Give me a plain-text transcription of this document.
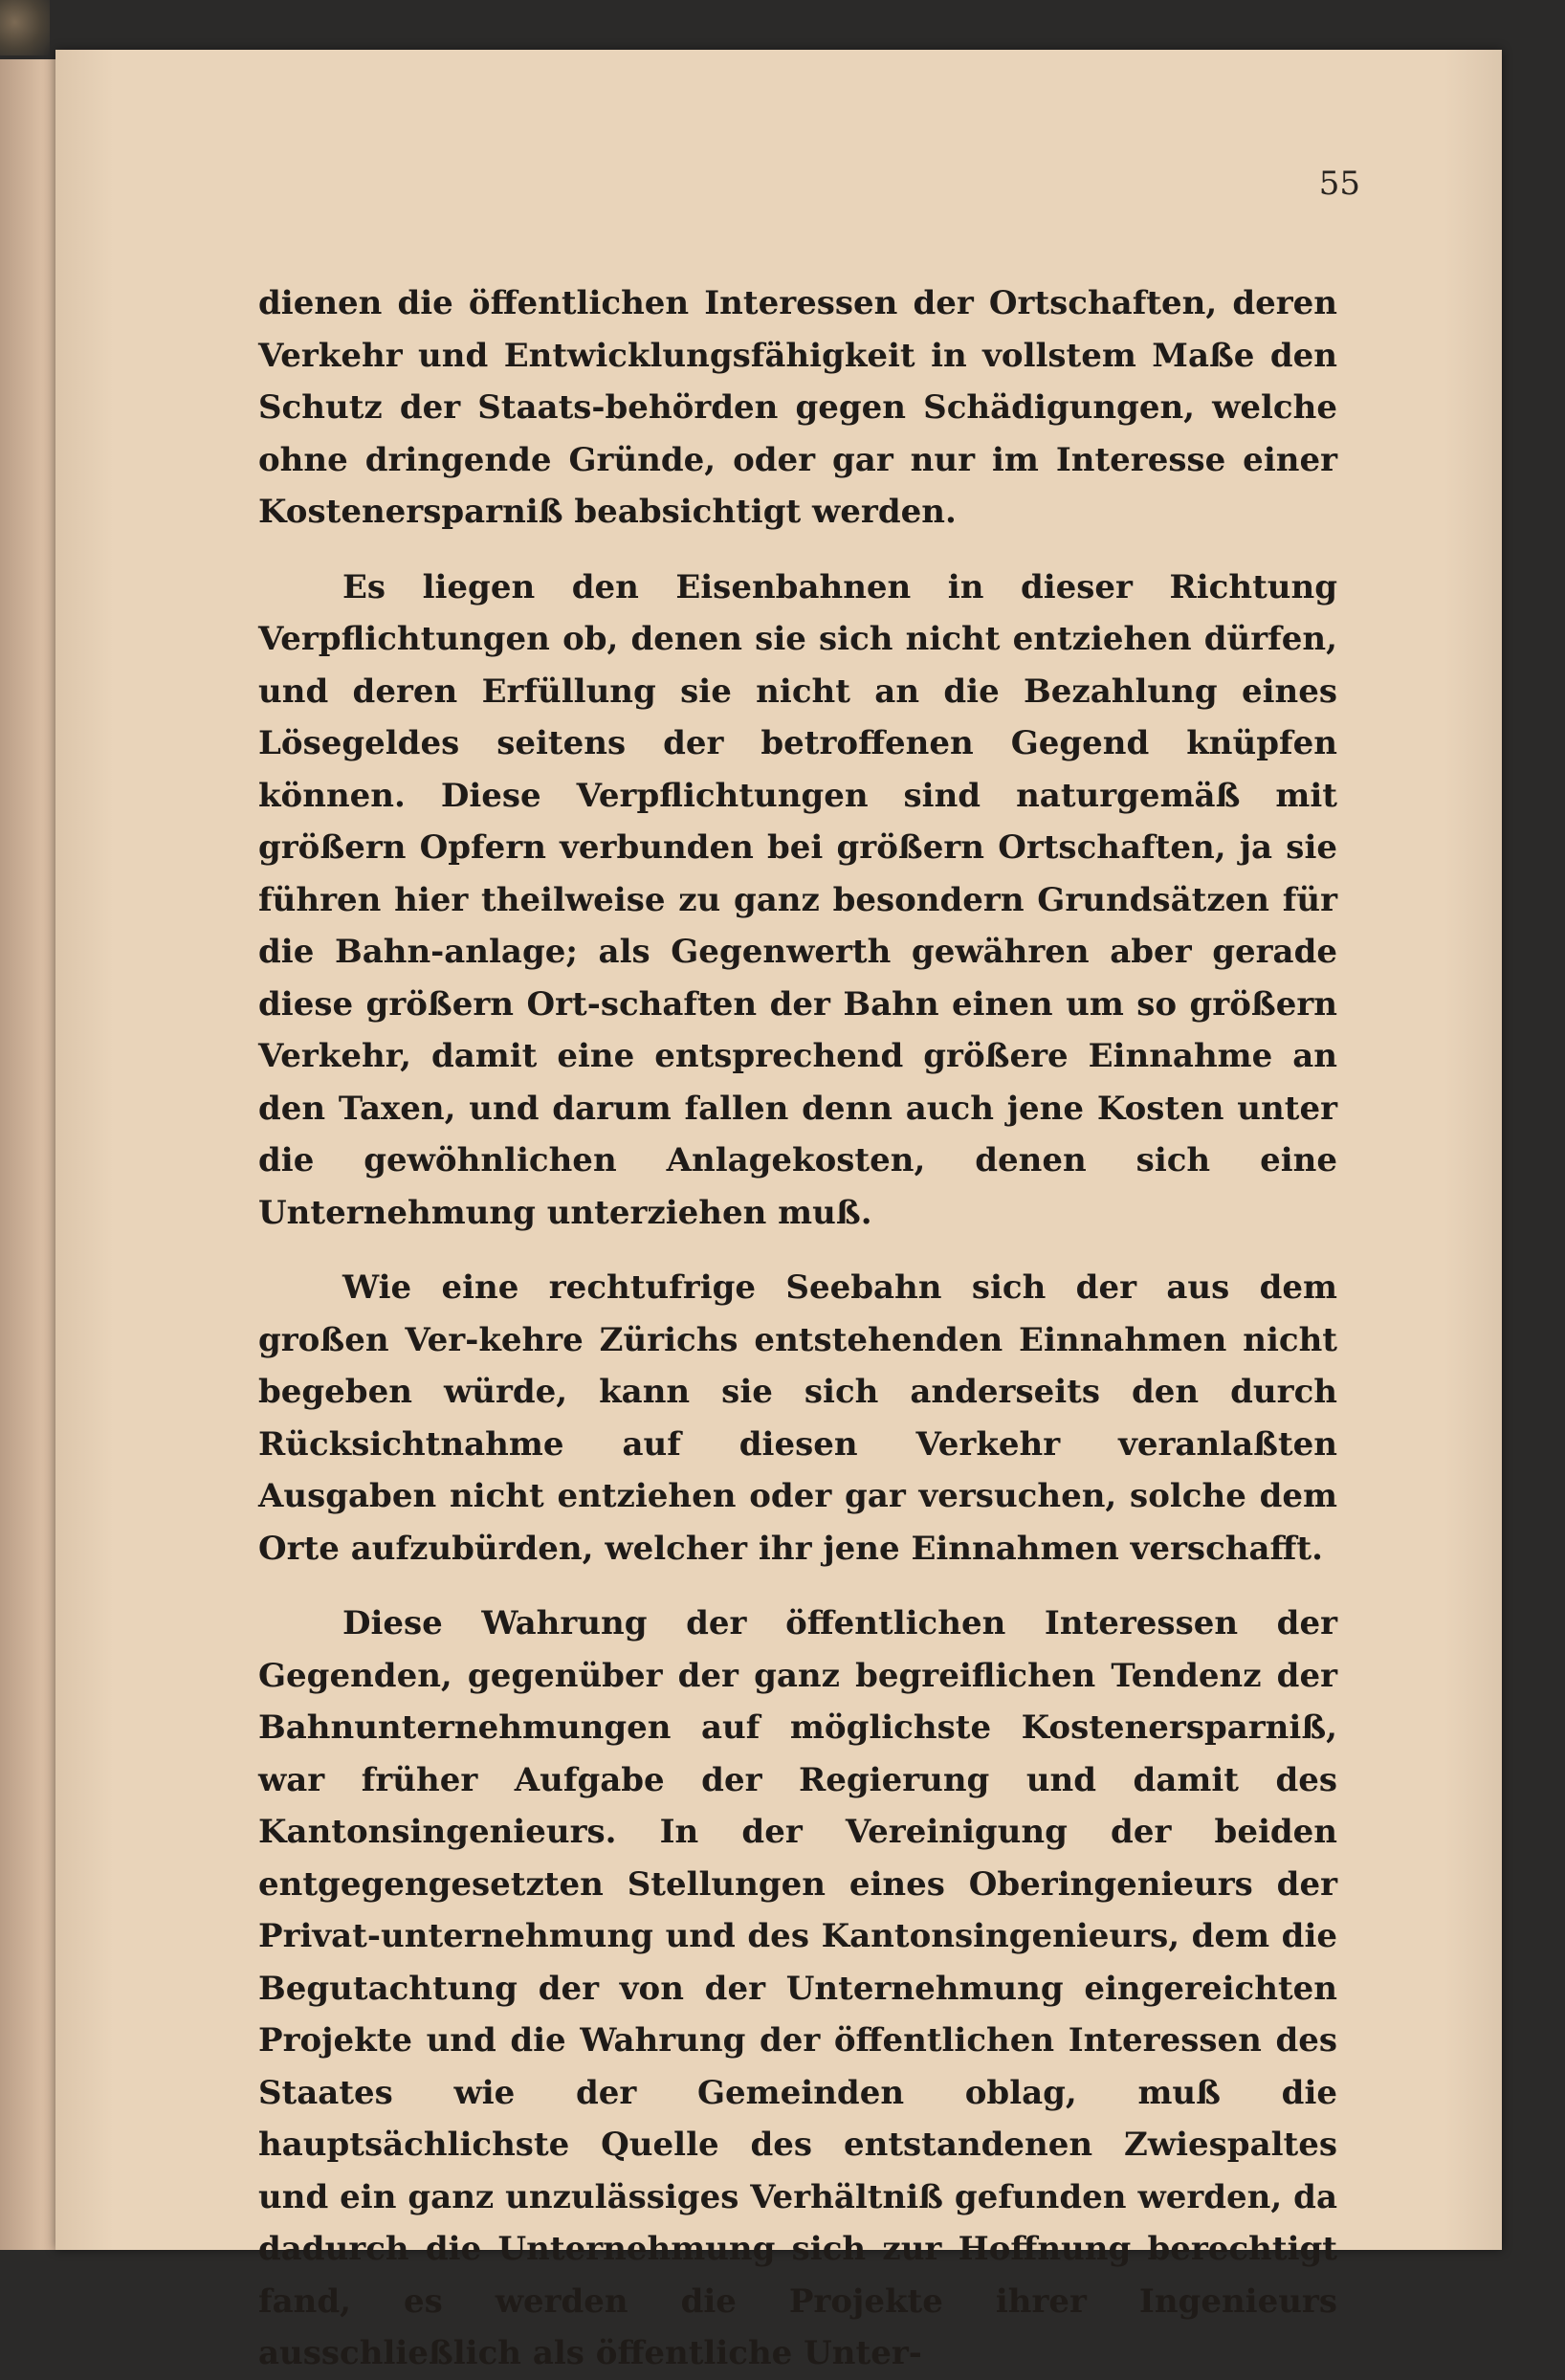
55

dienen die öffentlichen Interessen der Ortschaften, deren Verkehr und Entwicklungsfähigkeit in vollstem Maße den Schutz der Staats-behörden gegen Schädigungen, welche ohne dringende Gründe, oder gar nur im Interesse einer Kostenersparniß beabsichtigt werden.

Es liegen den Eisenbahnen in dieser Richtung Verpflichtungen ob, denen sie sich nicht entziehen dürfen, und deren Erfüllung sie nicht an die Bezahlung eines Lösegeldes seitens der betroffenen Gegend knüpfen können. Diese Verpflichtungen sind naturgemäß mit größern Opfern verbunden bei größern Ortschaften, ja sie führen hier theilweise zu ganz besondern Grundsätzen für die Bahn-anlage; als Gegenwerth gewähren aber gerade diese größern Ort-schaften der Bahn einen um so größern Verkehr, damit eine entsprechend größere Einnahme an den Taxen, und darum fallen denn auch jene Kosten unter die gewöhnlichen Anlagekosten, denen sich eine Unternehmung unterziehen muß.

Wie eine rechtufrige Seebahn sich der aus dem großen Ver-kehre Zürichs entstehenden Einnahmen nicht begeben würde, kann sie sich anderseits den durch Rücksichtnahme auf diesen Verkehr veranlaßten Ausgaben nicht entziehen oder gar versuchen, solche dem Orte aufzubürden, welcher ihr jene Einnahmen verschafft.

Diese Wahrung der öffentlichen Interessen der Gegenden, gegenüber der ganz begreiflichen Tendenz der Bahnunternehmungen auf möglichste Kostenersparniß, war früher Aufgabe der Regierung und damit des Kantonsingenieurs. In der Vereinigung der beiden entgegengesetzten Stellungen eines Oberingenieurs der Privat-unternehmung und des Kantonsingenieurs, dem die Begutachtung der von der Unternehmung eingereichten Projekte und die Wahrung der öffentlichen Interessen des Staates wie der Gemeinden oblag, muß die hauptsächlichste Quelle des entstandenen Zwiespaltes und ein ganz unzulässiges Verhältniß gefunden werden, da dadurch die Unternehmung sich zur Hoffnung berechtigt fand, es werden die Projekte ihrer Ingenieurs ausschließlich als öffentliche Unter-
